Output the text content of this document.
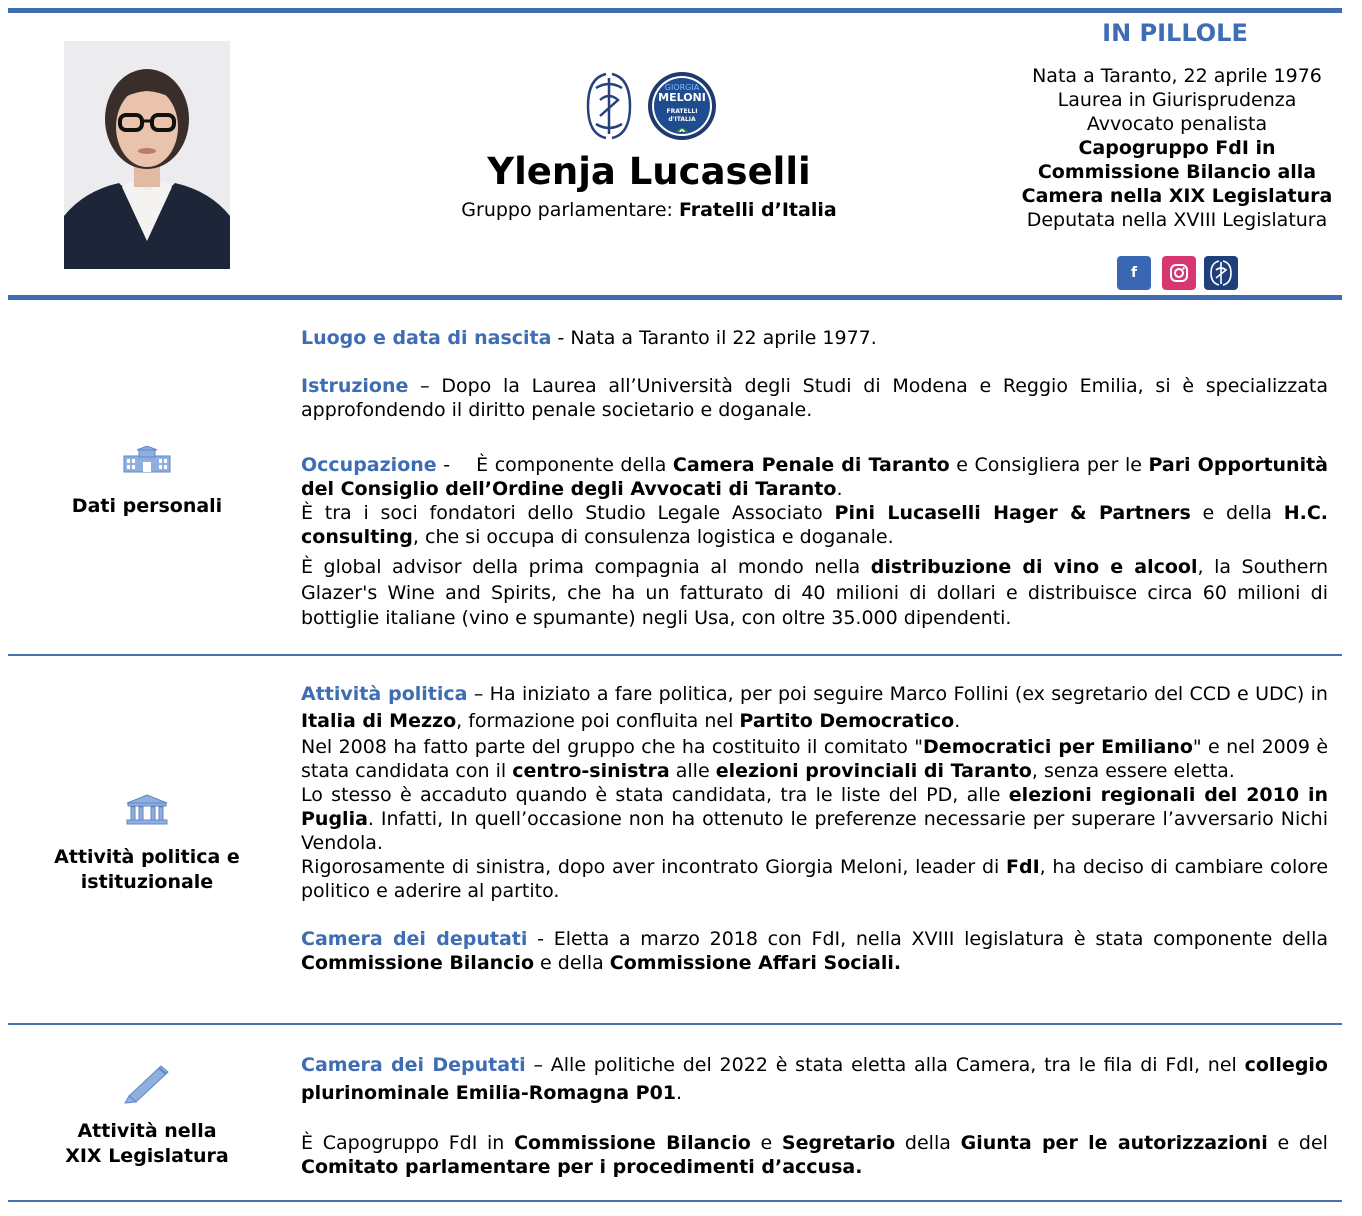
GIORGIA
MELONI
FRATELLI
d'ITALIA
Ylenja Lucaselli
Gruppo parlamentare: Fratelli d’Italia
IN PILLOLE
Nata a Taranto, 22 aprile 1976
Laurea in Giurisprudenza
Avvocato penalista
Capogruppo FdI in
Commissione Bilancio alla
Camera nella XIX Legislatura
Deputata nella XVIII Legislatura
f
Dati personali

Luogo e data di nascita - Nata a Taranto il 22 aprile 1977.

Istruzione – Dopo la Laurea all’Università degli Studi di Modena e Reggio Emilia, si è specializzata approfondendo il diritto penale societario e doganale.

Occupazione -    È componente della Camera Penale di Taranto e Consigliera per le Pari Opportunità del Consiglio dell’Ordine degli Avvocati di Taranto.

È tra i soci fondatori dello Studio Legale Associato Pini Lucaselli Hager & Partners e della H.C. consulting, che si occupa di consulenza logistica e doganale.

È global advisor della prima compagnia al mondo nella distribuzione di vino e alcool, la Southern Glazer's Wine and Spirits, che ha un fatturato di 40 milioni di dollari e distribuisce circa 60 milioni di bottiglie italiane (vino e spumante) negli Usa, con oltre 35.000 dipendenti.

Attività politica e
istituzionale

Attività politica – Ha iniziato a fare politica, per poi seguire Marco Follini (ex segretario del CCD e UDC) in Italia di Mezzo, formazione poi confluita nel Partito Democratico.

Nel 2008 ha fatto parte del gruppo che ha costituito il comitato "Democratici per Emiliano" e nel 2009 è stata candidata con il centro-sinistra alle elezioni provinciali di Taranto, senza essere eletta.

Lo stesso è accaduto quando è stata candidata, tra le liste del PD, alle elezioni regionali del 2010 in Puglia. Infatti, In quell’occasione non ha ottenuto le preferenze necessarie per superare l’avversario Nichi Vendola.

Rigorosamente di sinistra, dopo aver incontrato Giorgia Meloni, leader di FdI, ha deciso di cambiare colore politico e aderire al partito.

Camera dei deputati - Eletta a marzo 2018 con FdI, nella XVIII legislatura è stata componente della Commissione Bilancio e della Commissione Affari Sociali.

Attività nella
XIX Legislatura

Camera dei Deputati – Alle politiche del 2022 è stata eletta alla Camera, tra le fila di FdI, nel collegio plurinominale Emilia-Romagna P01.

È Capogruppo FdI in Commissione Bilancio e Segretario della Giunta per le autorizzazioni e del Comitato parlamentare per i procedimenti d’accusa.
